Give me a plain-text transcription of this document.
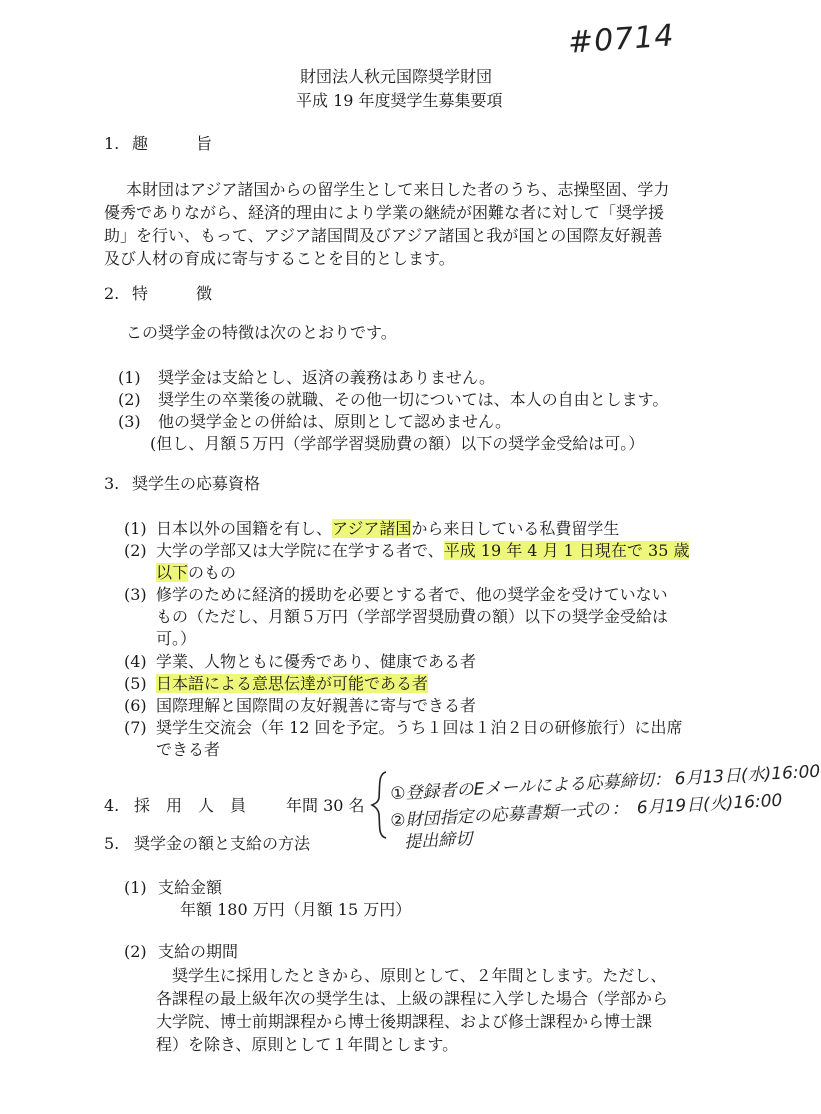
#0714
財団法人秋元国際奨学財団
平成 19 年度奨学生募集要項
1. 趣　　　旨
本財団はアジア諸国からの留学生として来日した者のうち、志操堅固、学力
優秀でありながら、経済的理由により学業の継続が困難な者に対して「奨学援
助」を行い、もって、アジア諸国間及びアジア諸国と我が国との国際友好親善
及び人材の育成に寄与することを目的とします。
2. 特　　　徴
この奨学金の特徴は次のとおりです。
(1) 奨学金は支給とし、返済の義務はありません。
(2) 奨学生の卒業後の就職、その他一切については、本人の自由とします。
(3) 他の奨学金との併給は、原則として認めません。
(但し、月額５万円（学部学習奨励費の額）以下の奨学金受給は可。）
3. 奨学生の応募資格
(1) 日本以外の国籍を有し、アジア諸国から来日している私費留学生
(2) 大学の学部又は大学院に在学する者で、平成 19 年 4 月 1 日現在で 35 歳
以下のもの
(3) 修学のために経済的援助を必要とする者で、他の奨学金を受けていない
もの（ただし、月額５万円（学部学習奨励費の額）以下の奨学金受給は
可。）
(4) 学業、人物ともに優秀であり、健康である者
(5) 日本語による意思伝達が可能である者
(6) 国際理解と国際間の友好親善に寄与できる者
(7) 奨学生交流会（年 12 回を予定。うち１回は１泊２日の研修旅行）に出席
できる者
4. 採　用　人　員 年間 30 名
①登録者のEメールによる応募締切： 6月13日(水)16:00
②財団指定の応募書類一式の：　6月19日(火)16:00
提出締切
5. 奨学金の額と支給の方法
(1) 支給金額
年額 180 万円（月額 15 万円）
(2) 支給の期間
奨学生に採用したときから、原則として、２年間とします。ただし、
各課程の最上級年次の奨学生は、上級の課程に入学した場合（学部から
大学院、博士前期課程から博士後期課程、および修士課程から博士課
程）を除き、原則として１年間とします。
